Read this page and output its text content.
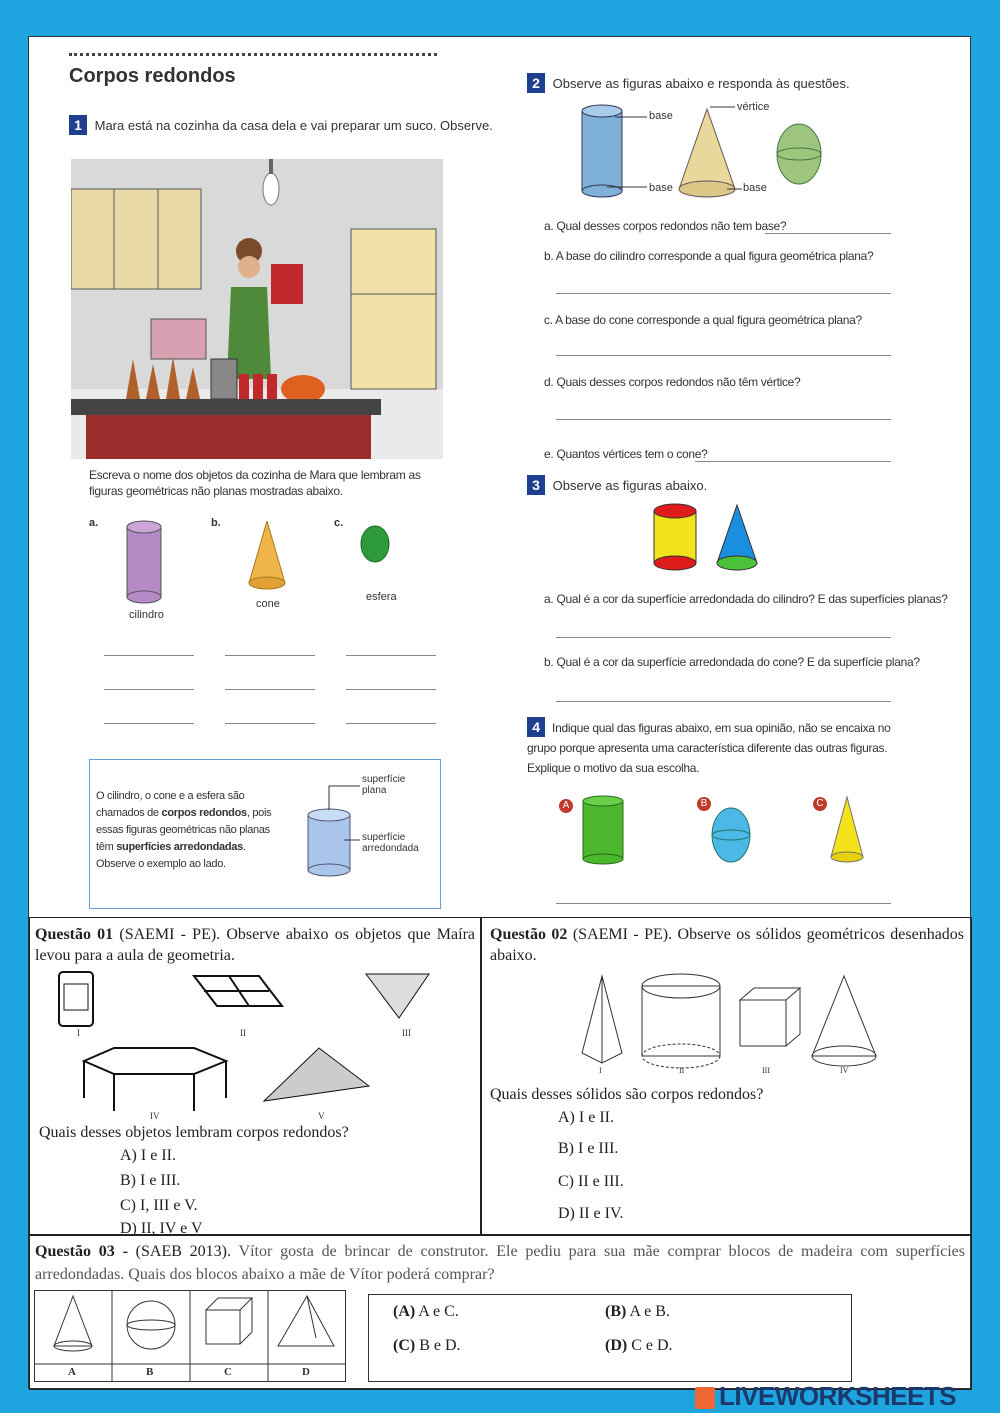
Corpos redondos
1 Mara está na cozinha da casa dela e vai preparar um suco. Observe.
Escreva o nome dos objetos da cozinha de Mara que lembram as figuras geométricas não planas mostradas abaixo.
a.	b.	c.
cilindro
cone
esfera
O cilindro, o cone e a esfera são chamados de corpos redondos, pois essas figuras geométricas não planas têm superfícies arredondadas. Observe o exemplo ao lado.
superfície plana
superfície arredondada
2 Observe as figuras abaixo e responda às questões.
base
base
vértice
base
a. Qual desses corpos redondos não tem base?
b. A base do cilindro corresponde a qual figura geométrica plana?
c. A base do cone corresponde a qual figura geométrica plana?
d. Quais desses corpos redondos não têm vértice?
e. Quantos vértices tem o cone?
3 Observe as figuras abaixo.
a. Qual é a cor da superfície arredondada do cilindro? E das superfícies planas?
b. Qual é a cor da superfície arredondada do cone? E da superfície plana?
4 Indique qual das figuras abaixo, em sua opinião, não se encaixa no grupo porque apresenta uma característica diferente das outras figuras. Explique o motivo da sua escolha.
A	B	C
Questão 01 (SAEMI - PE). Observe abaixo os objetos que Maíra levou para a aula de geometria.
I	II	III
IV	V
Quais desses objetos lembram corpos redondos?
A) I e II.
B) I e III.
C) I, III e V.
D) II, IV e V
Questão 02 (SAEMI - PE). Observe os sólidos geométricos desenhados abaixo.
I	II	III	IV
Quais desses sólidos são corpos redondos?
A) I e II.
B) I e III.
C) II e III.
D) II e IV.
Questão 03 - (SAEB 2013). Vítor gosta de brincar de construtor. Ele pediu para sua mãe comprar blocos de madeira com superfícies arredondadas. Quais dos blocos abaixo a mãe de Vítor poderá comprar?
A	B	C	D
(A) A e C.	(B) A e B.
(C) B e D.	(D) C e D.
LIVEWORKSHEETS
